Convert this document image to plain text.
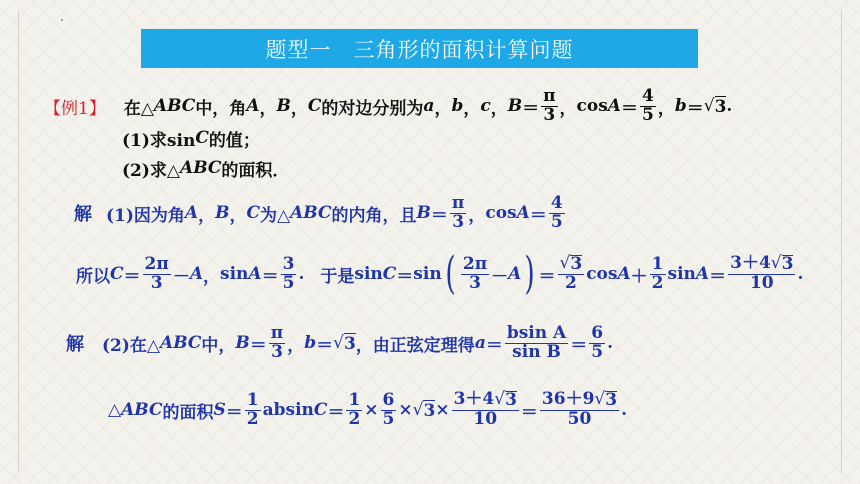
题型一　三角形的面积计算问题
【例1】 在△ ABC 中，角 A ， B ， C 的对边分别为 a ， b ， c ， $B = \frac{\pi}{3}$ ， $\cos A = \frac{4}{5}$ ， b ＝ √ 3 .
(1)求sin C 的值；
(2)求△ ABC 的面积．
解 (1)因为角 A ， B ， C 为△ ABC 的内角，且 $B = \frac{\pi}{3}$ ， $\cos A = \frac{4}{5}$
所以 $C = \frac{2\pi}{3} - A$ ， $\sin A = \frac{3}{5}$ . 于是 sin C ＝ sin ( $\frac{2\pi}{3} - A$ ) ＝ $\frac{√ 3}{2}$ $\cos A + \frac{1}{2}$ $\sin A = \frac{3+4 √ 3}{10}$ .
解 (2)在△ ABC 中， $B = \frac{\pi}{3}$ ， b ＝ √ 3 ，由正弦定理得 $a = \frac{\text{bsin A}}{\text{sin B}} = \frac{6}{5}$ .
△ ABC 的面积 $S = \frac{1}{2}$ absin $C = \frac{1}{2} \times \frac{6}{5}$ × √ $3 \times \frac{3+4 √ 3}{10} = \frac{36+9 √ 3}{50}$ .
